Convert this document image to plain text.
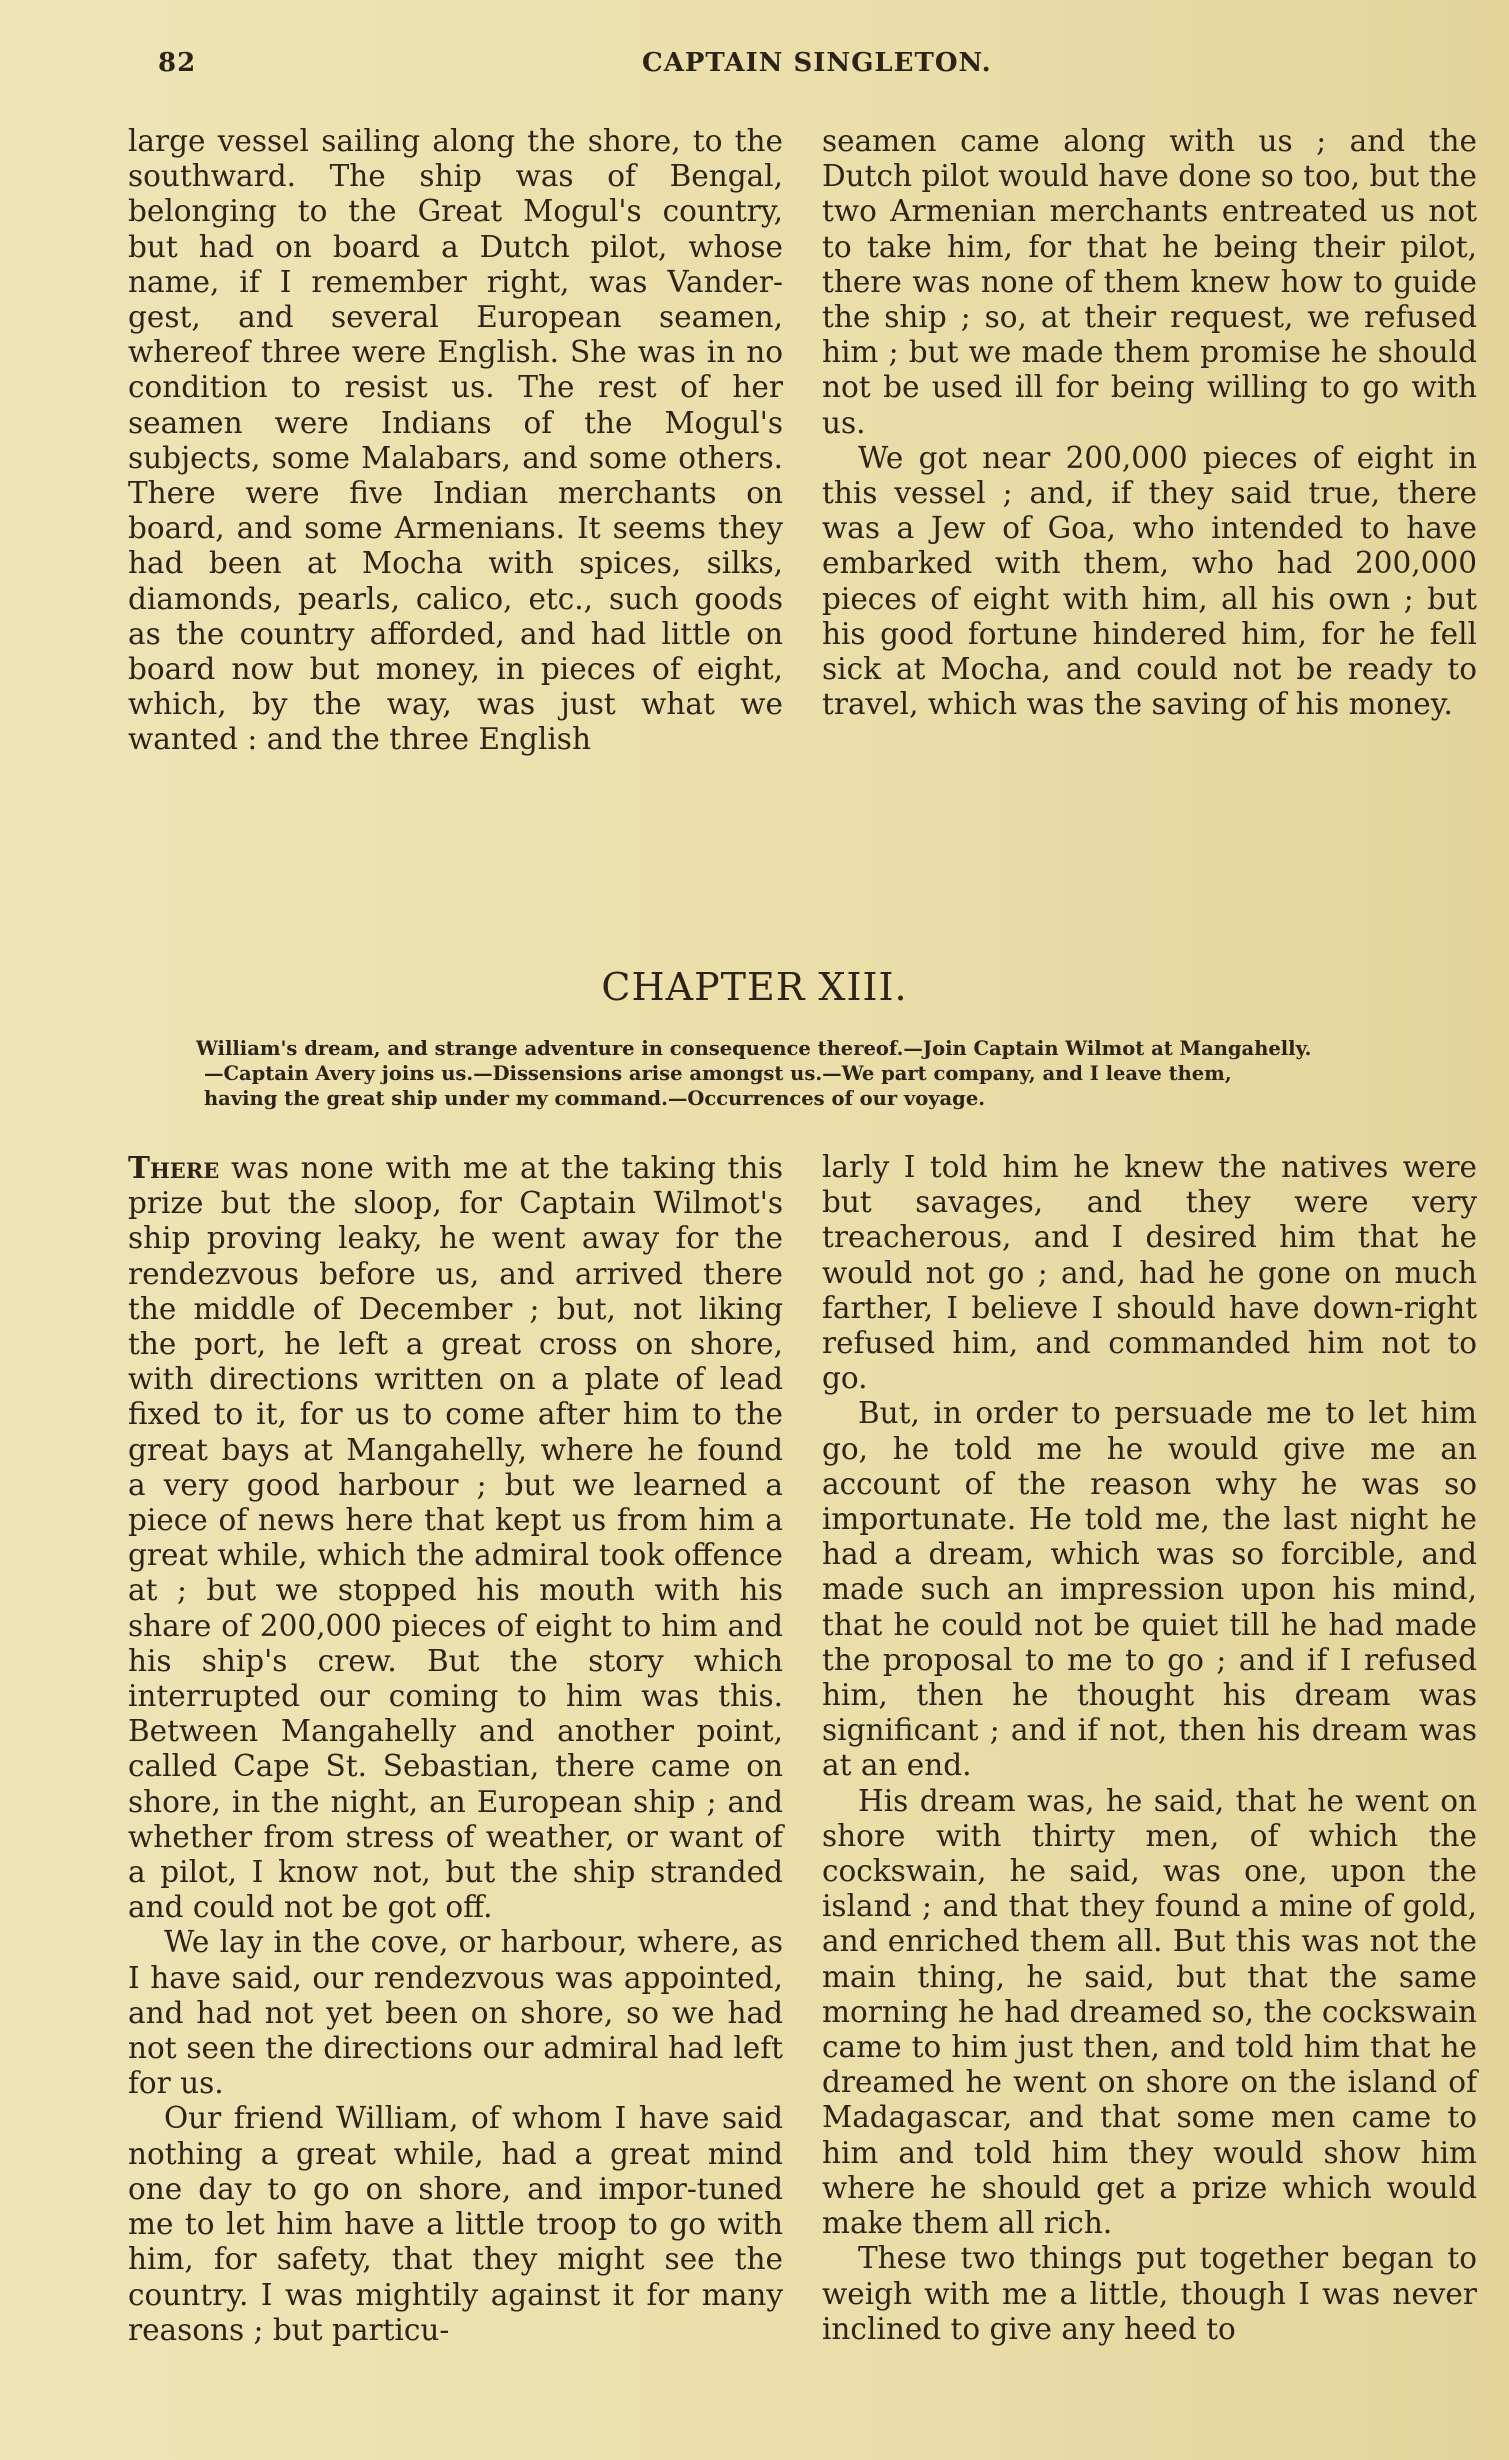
82	CAPTAIN SINGLETON.

large vessel sailing along the shore, to the southward. The ship was of Bengal, belonging to the Great Mogul's country, but had on board a Dutch pilot, whose name, if I remember right, was Vander-gest, and several European seamen, whereof three were English. She was in no condition to resist us. The rest of her seamen were Indians of the Mogul's subjects, some Malabars, and some others. There were five Indian merchants on board, and some Armenians. It seems they had been at Mocha with spices, silks, diamonds, pearls, calico, etc., such goods as the country afforded, and had little on board now but money, in pieces of eight, which, by the way, was just what we wanted : and the three English

seamen came along with us ; and the Dutch pilot would have done so too, but the two Armenian merchants entreated us not to take him, for that he being their pilot, there was none of them knew how to guide the ship ; so, at their request, we refused him ; but we made them promise he should not be used ill for being willing to go with us.

We got near 200,000 pieces of eight in this vessel ; and, if they said true, there was a Jew of Goa, who intended to have embarked with them, who had 200,000 pieces of eight with him, all his own ; but his good fortune hindered him, for he fell sick at Mocha, and could not be ready to travel, which was the saving of his money.

CHAPTER XIII.
William's dream, and strange adventure in consequence thereof.—Join Captain Wilmot at Mangahelly.
—Captain Avery joins us.—Dissensions arise amongst us.—We part company, and I leave them,
having the great ship under my command.—Occurrences of our voyage.

There was none with me at the taking this prize but the sloop, for Captain Wilmot's ship proving leaky, he went away for the rendezvous before us, and arrived there the middle of December ; but, not liking the port, he left a great cross on shore, with directions written on a plate of lead fixed to it, for us to come after him to the great bays at Mangahelly, where he found a very good harbour ; but we learned a piece of news here that kept us from him a great while, which the admiral took offence at ; but we stopped his mouth with his share of 200,000 pieces of eight to him and his ship's crew. But the story which interrupted our coming to him was this. Between Mangahelly and another point, called Cape St. Sebastian, there came on shore, in the night, an European ship ; and whether from stress of weather, or want of a pilot, I know not, but the ship stranded and could not be got off.

We lay in the cove, or harbour, where, as I have said, our rendezvous was appointed, and had not yet been on shore, so we had not seen the directions our admiral had left for us.

Our friend William, of whom I have said nothing a great while, had a great mind one day to go on shore, and impor-tuned me to let him have a little troop to go with him, for safety, that they might see the country. I was mightily against it for many reasons ; but particu-

larly I told him he knew the natives were but savages, and they were very treacherous, and I desired him that he would not go ; and, had he gone on much farther, I believe I should have down-right refused him, and commanded him not to go.

But, in order to persuade me to let him go, he told me he would give me an account of the reason why he was so importunate. He told me, the last night he had a dream, which was so forcible, and made such an impression upon his mind, that he could not be quiet till he had made the proposal to me to go ; and if I refused him, then he thought his dream was significant ; and if not, then his dream was at an end.

His dream was, he said, that he went on shore with thirty men, of which the cockswain, he said, was one, upon the island ; and that they found a mine of gold, and enriched them all. But this was not the main thing, he said, but that the same morning he had dreamed so, the cockswain came to him just then, and told him that he dreamed he went on shore on the island of Madagascar, and that some men came to him and told him they would show him where he should get a prize which would make them all rich.

These two things put together began to weigh with me a little, though I was never inclined to give any heed to
